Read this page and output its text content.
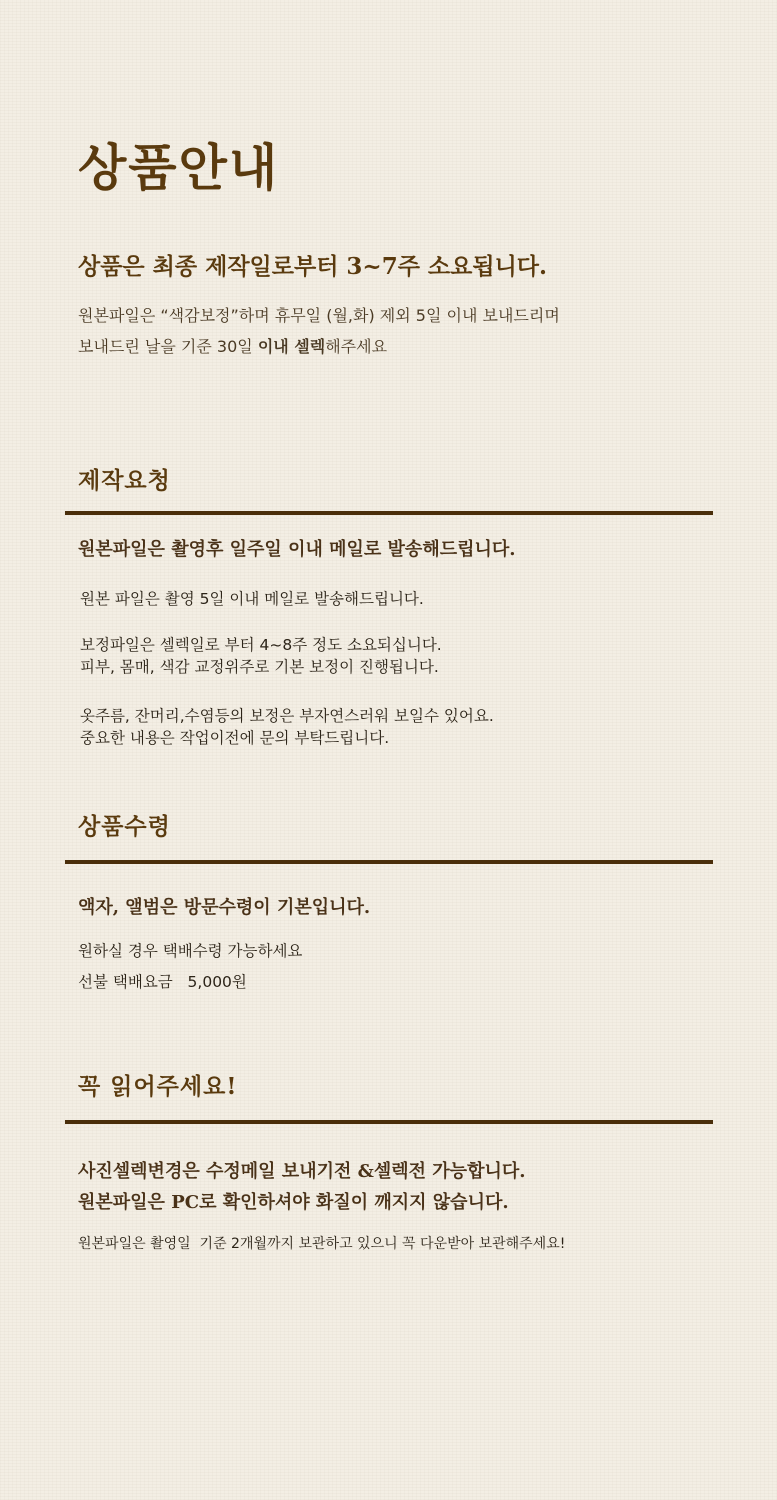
상품안내

상품은 최종 제작일로부터 3~7주 소요됩니다.

원본파일은 “색감보정”하며 휴무일 (월,화) 제외 5일 이내 보내드리며
보내드린 날을 기준 30일 이내 셀렉해주세요
제작요청

원본파일은 촬영후 일주일 이내 메일로 발송해드립니다.

원본 파일은 촬영 5일 이내 메일로 발송해드립니다.

보정파일은 셀렉일로 부터 4~8주 정도 소요되십니다.
피부, 몸매, 색감 교정위주로 기본 보정이 진행됩니다.
옷주름, 잔머리,수염등의 보정은 부자연스러워 보일수 있어요.
중요한 내용은 작업이전에 문의 부탁드립니다.
상품수령

액자, 앨범은 방문수령이 기본입니다.

원하실 경우 택배수령 가능하세요
선불 택배요금   5,000원
꼭 읽어주세요!
사진셀렉변경은 수정메일 보내기전 &셀렉전 가능합니다.
원본파일은 PC로 확인하셔야 화질이 깨지지 않습니다.

원본파일은 촬영일  기준 2개월까지 보관하고 있으니 꼭 다운받아 보관해주세요!
